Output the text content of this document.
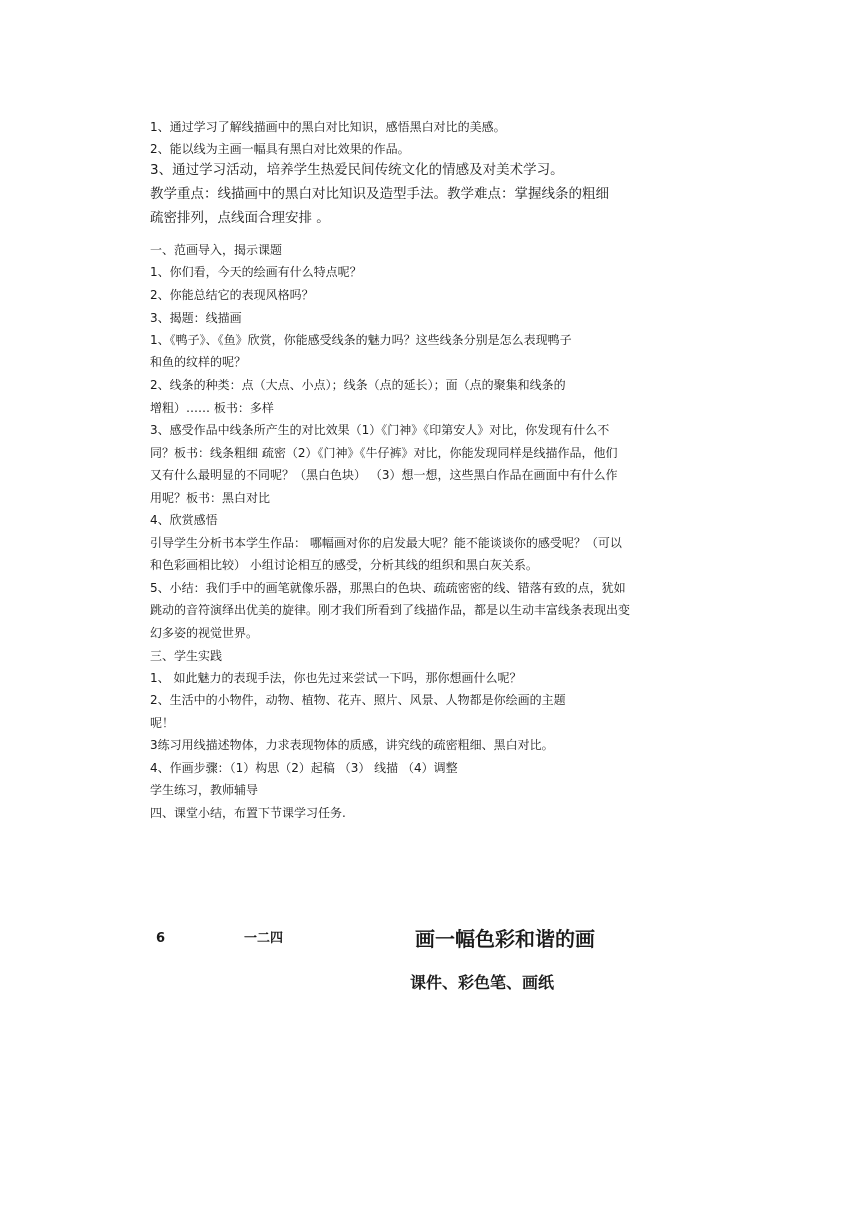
1、通过学习了解线描画中的黑白对比知识，感悟黑白对比的美感。
2、能以线为主画一幅具有黑白对比效果的作品。
3、通过学习活动，培养学生热爱民间传统文化的情感及对美术学习。
教学重点：线描画中的黑白对比知识及造型手法。教学难点：掌握线条的粗细
疏密排列，点线面合理安排 。
一、范画导入，揭示课题
1、你们看，今天的绘画有什么特点呢？
2、你能总结它的表现风格吗？
3、揭题：线描画
1、《鸭子》、《鱼》欣赏，你能感受线条的魅力吗？这些线条分别是怎么表现鸭子
和鱼的纹样的呢？
2、线条的种类：点（大点、小点）；线条（点的延长）；面（点的聚集和线条的
增粗）…… 板书：多样
3、感受作品中线条所产生的对比效果（1）《门神》《印第安人》对比，你发现有什么不
同？板书：线条粗细 疏密（2）《门神》《牛仔裤》对比，你能发现同样是线描作品，他们
又有什么最明显的不同呢？（黑白色块） （3）想一想，这些黑白作品在画面中有什么作
用呢？板书：黑白对比
4、欣赏感悟
引导学生分析书本学生作品： 哪幅画对你的启发最大呢？能不能谈谈你的感受呢？（可以
和色彩画相比较） 小组讨论相互的感受，分析其线的组织和黑白灰关系。
5、小结：我们手中的画笔就像乐器，那黑白的色块、疏疏密密的线、错落有致的点，犹如
跳动的音符演绎出优美的旋律。刚才我们所看到了线描作品，都是以生动丰富线条表现出变
幻多姿的视觉世界。
三、学生实践
1、 如此魅力的表现手法，你也先过来尝试一下吗，那你想画什么呢？
2、生活中的小物件，动物、植物、花卉、照片、风景、人物都是你绘画的主题
呢！
3练习用线描述物体，力求表现物体的质感，讲究线的疏密粗细、黑白对比。
4、作画步骤：（1）构思（2）起稿 （3） 线描 （4）调整
学生练习，教师辅导
四、课堂小结，布置下节课学习任务.
6	一二四	画一幅色彩和谐的画
课件、彩色笔、画纸
